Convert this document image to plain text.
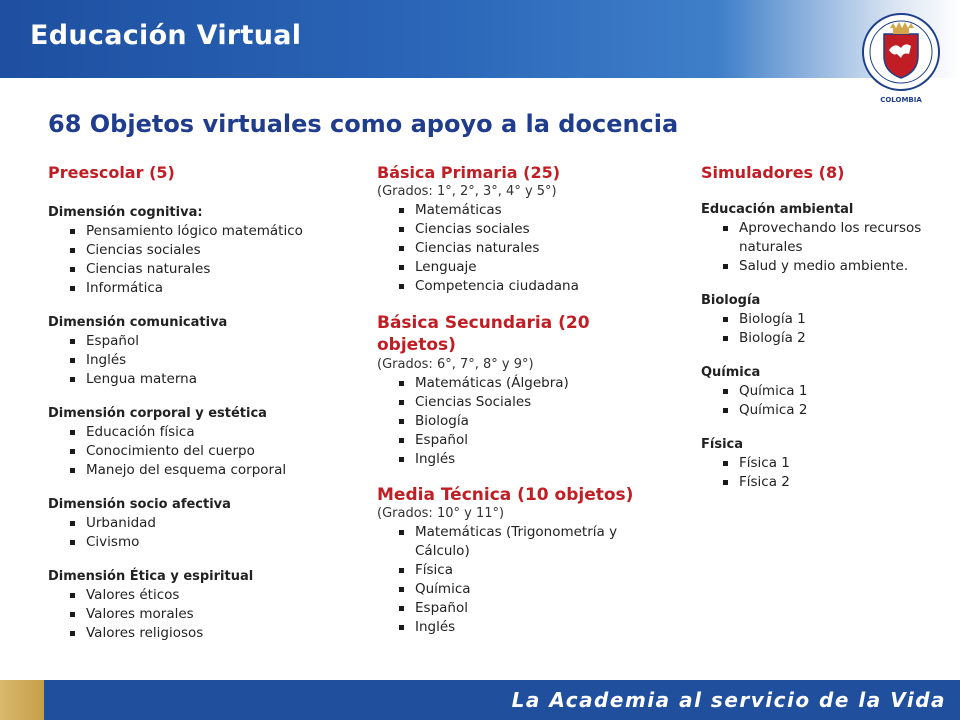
Educación Virtual
COLOMBIA
68 Objetos virtuales como apoyo a la docencia
Preescolar (5)
Dimensión cognitiva:
Pensamiento lógico matemático
Ciencias sociales
Ciencias naturales
Informática
Dimensión comunicativa
Español
Inglés
Lengua materna
Dimensión corporal y estética
Educación física
Conocimiento del cuerpo
Manejo del esquema corporal
Dimensión socio afectiva
Urbanidad
Civismo
Dimensión Ética y espiritual
Valores éticos
Valores morales
Valores religiosos
Básica Primaria (25)
(Grados: 1°, 2°, 3°, 4° y 5°)
Matemáticas
Ciencias sociales
Ciencias naturales
Lenguaje
Competencia ciudadana
Básica Secundaria (20 objetos)
(Grados: 6°, 7°, 8° y 9°)
Matemáticas (Álgebra)
Ciencias Sociales
Biología
Español
Inglés
Media Técnica (10 objetos)
(Grados: 10° y 11°)
Matemáticas (Trigonometría y Cálculo)
Física
Química
Español
Inglés
Simuladores (8)
Educación ambiental
Aprovechando los recursos naturales
Salud y medio ambiente.
Biología
Biología 1
Biología 2
Química
Química 1
Química 2
Física
Física 1
Física 2
La Academia al servicio de la Vida
